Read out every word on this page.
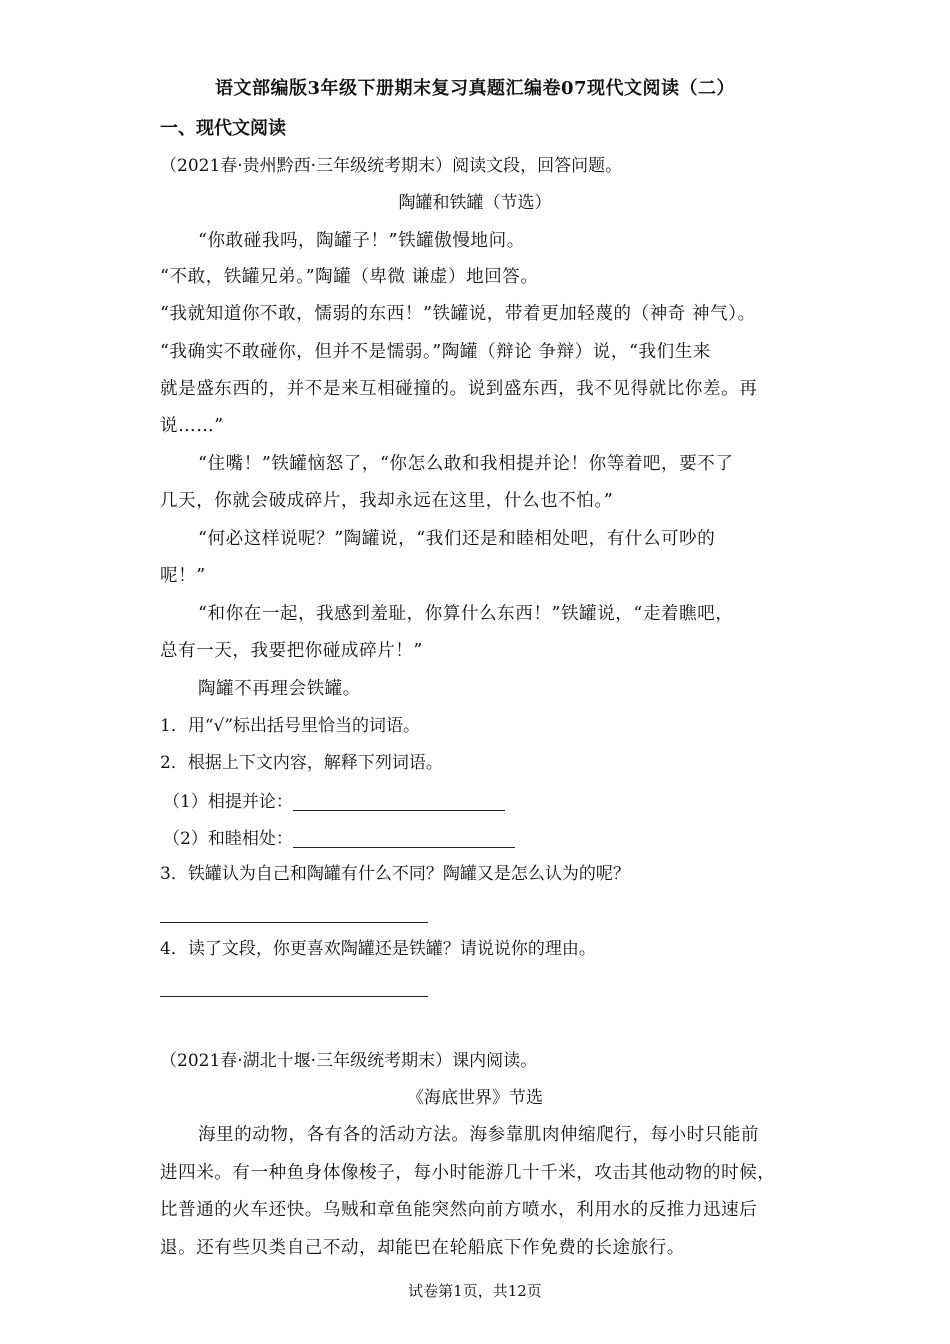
语文部编版3年级下册期末复习真题汇编卷07现代文阅读（二）
一、现代文阅读
（2021春·贵州黔西·三年级统考期末）阅读文段，回答问题。
陶罐和铁罐（节选）
“你敢碰我吗，陶罐子！”铁罐傲慢地问。
“不敢，铁罐兄弟。”陶罐（卑微 谦虚）地回答。
“我就知道你不敢，懦弱的东西！”铁罐说，带着更加轻蔑的（神奇 神气）。
“我确实不敢碰你，但并不是懦弱。”陶罐（辩论 争辩）说，“我们生来
就是盛东西的，并不是来互相碰撞的。说到盛东西，我不见得就比你差。再
说……”
“住嘴！”铁罐恼怒了，“你怎么敢和我相提并论！你等着吧，要不了
几天，你就会破成碎片，我却永远在这里，什么也不怕。”
“何必这样说呢？”陶罐说，“我们还是和睦相处吧，有什么可吵的
呢！”
“和你在一起，我感到羞耻，你算什么东西！”铁罐说，“走着瞧吧，
总有一天，我要把你碰成碎片！”
陶罐不再理会铁罐。
1．用“√”标出括号里恰当的词语。
2．根据上下文内容，解释下列词语。
（1）相提并论：
（2）和睦相处：
3．铁罐认为自己和陶罐有什么不同？陶罐又是怎么认为的呢？
4．读了文段，你更喜欢陶罐还是铁罐？请说说你的理由。
（2021春·湖北十堰·三年级统考期末）课内阅读。
《海底世界》节选
海里的动物，各有各的活动方法。海参靠肌肉伸缩爬行，每小时只能前
进四米。有一种鱼身体像梭子，每小时能游几十千米，攻击其他动物的时候，
比普通的火车还快。乌贼和章鱼能突然向前方喷水，利用水的反推力迅速后
退。还有些贝类自己不动，却能巴在轮船底下作免费的长途旅行。
试卷第1页，共12页
